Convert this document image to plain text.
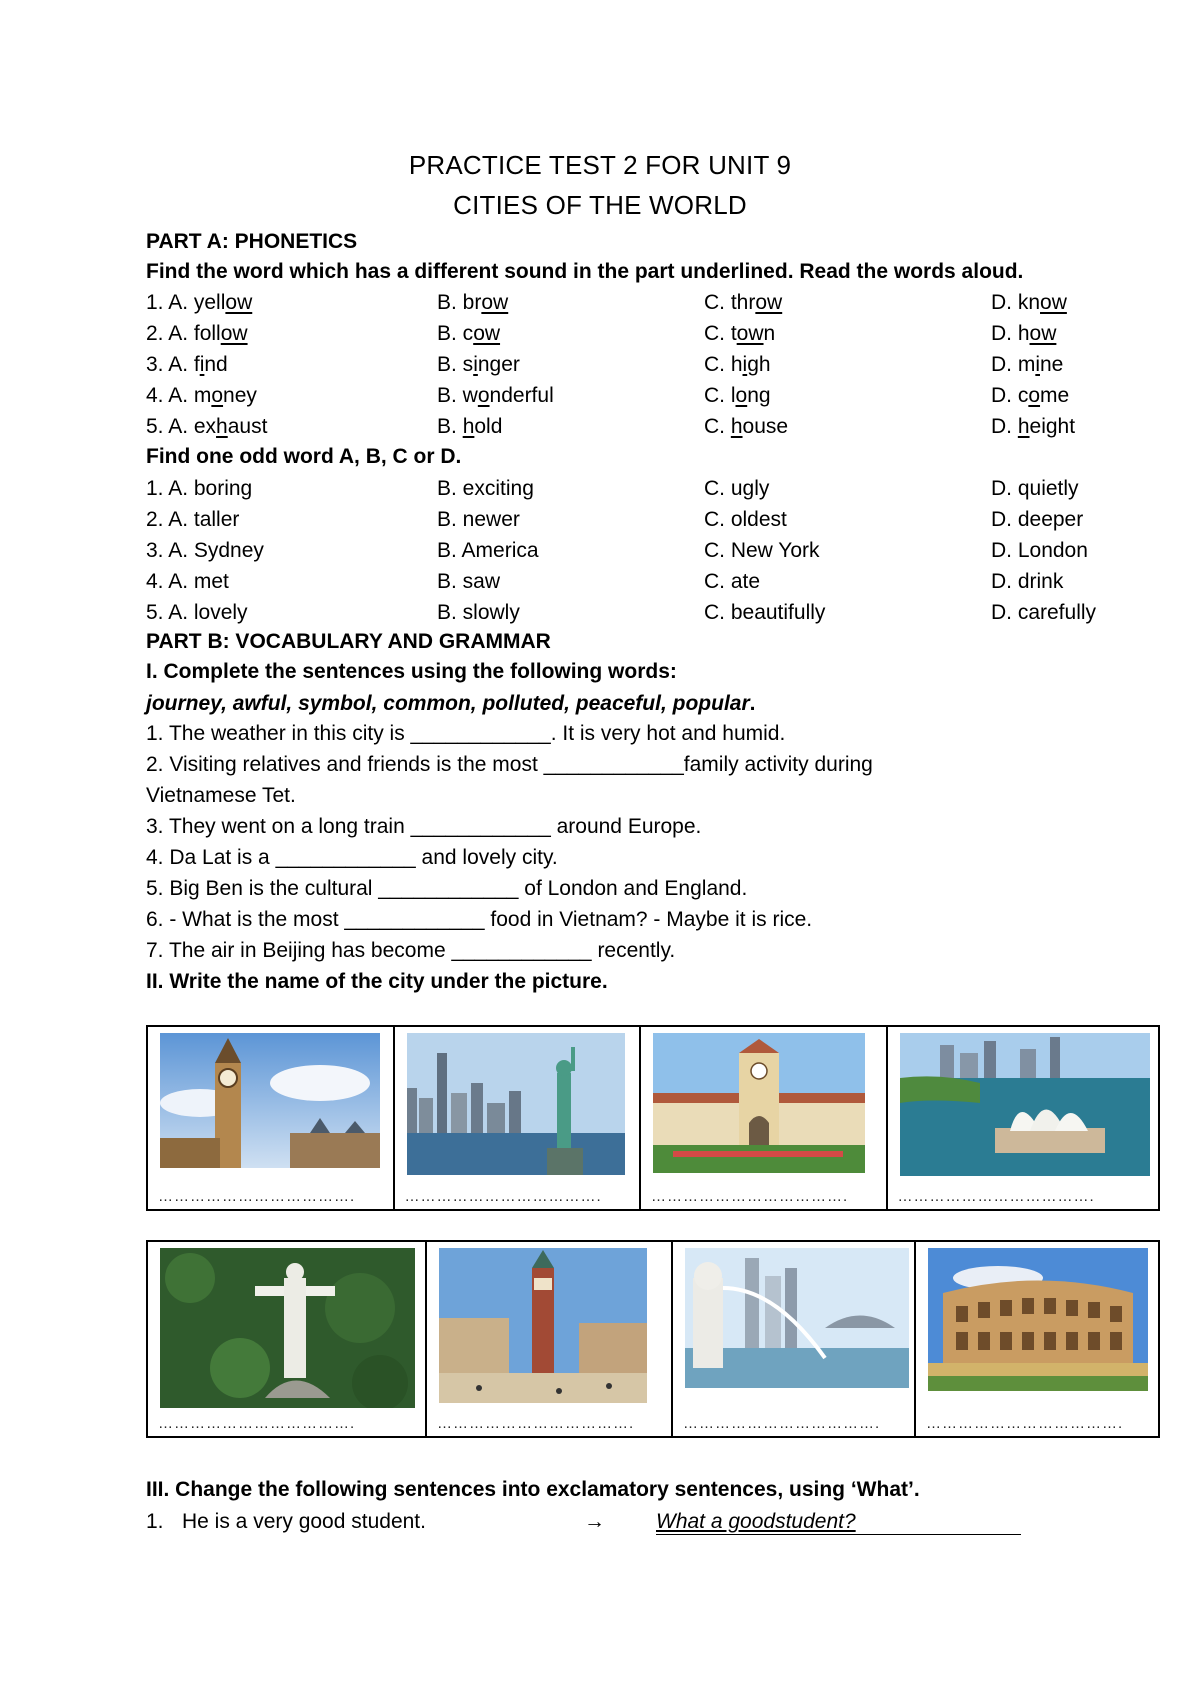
PRACTICE TEST 2 FOR UNIT 9
CITIES OF THE WORLD
PART A: PHONETICS
Find the word which has a different sound in the part underlined. Read the words aloud.
1. A. yellow	B. brow	C. throw	D. know
2. A. follow	B. cow	C. town	D. how
3. A. find	B. singer	C. high	D. mine
4. A. money	B. wonderful	C. long	D. come
5. A. exhaust	B. hold	C. house	D. height
Find one odd word A, B, C or D.
1. A. boring	B. exciting	C. ugly	D. quietly
2. A. taller	B. newer	C. oldest	D. deeper
3. A. Sydney	B. America	C. New York	D. London
4. A. met	B. saw	C. ate	D. drink
5. A. lovely	B. slowly	C. beautifully	D. carefully
PART B: VOCABULARY AND GRAMMAR
I. Complete the sentences using the following words:
journey, awful, symbol, common, polluted, peaceful, popular.
1. The weather in this city is ____________. It is very hot and humid.
2. Visiting relatives and friends is the most ____________family activity during
Vietnamese Tet.
3. They went on a long train ____________ around Europe.
4. Da Lat is a ____________ and lovely city.
5. Big Ben is the cultural ____________ of London and England.
6. - What is the most ____________ food in Vietnam? - Maybe it is rice.
7. The air in Beijing has become ____________ recently.
II. Write the name of the city under the picture.
……………………………….	……………………………….	……………………………….	……………………………….
……………………………….	……………………………….	……………………………….	……………………………….
III. Change the following sentences into exclamatory sentences, using ‘What’.
1. He is a very good student.	→ What a goodstudent?
